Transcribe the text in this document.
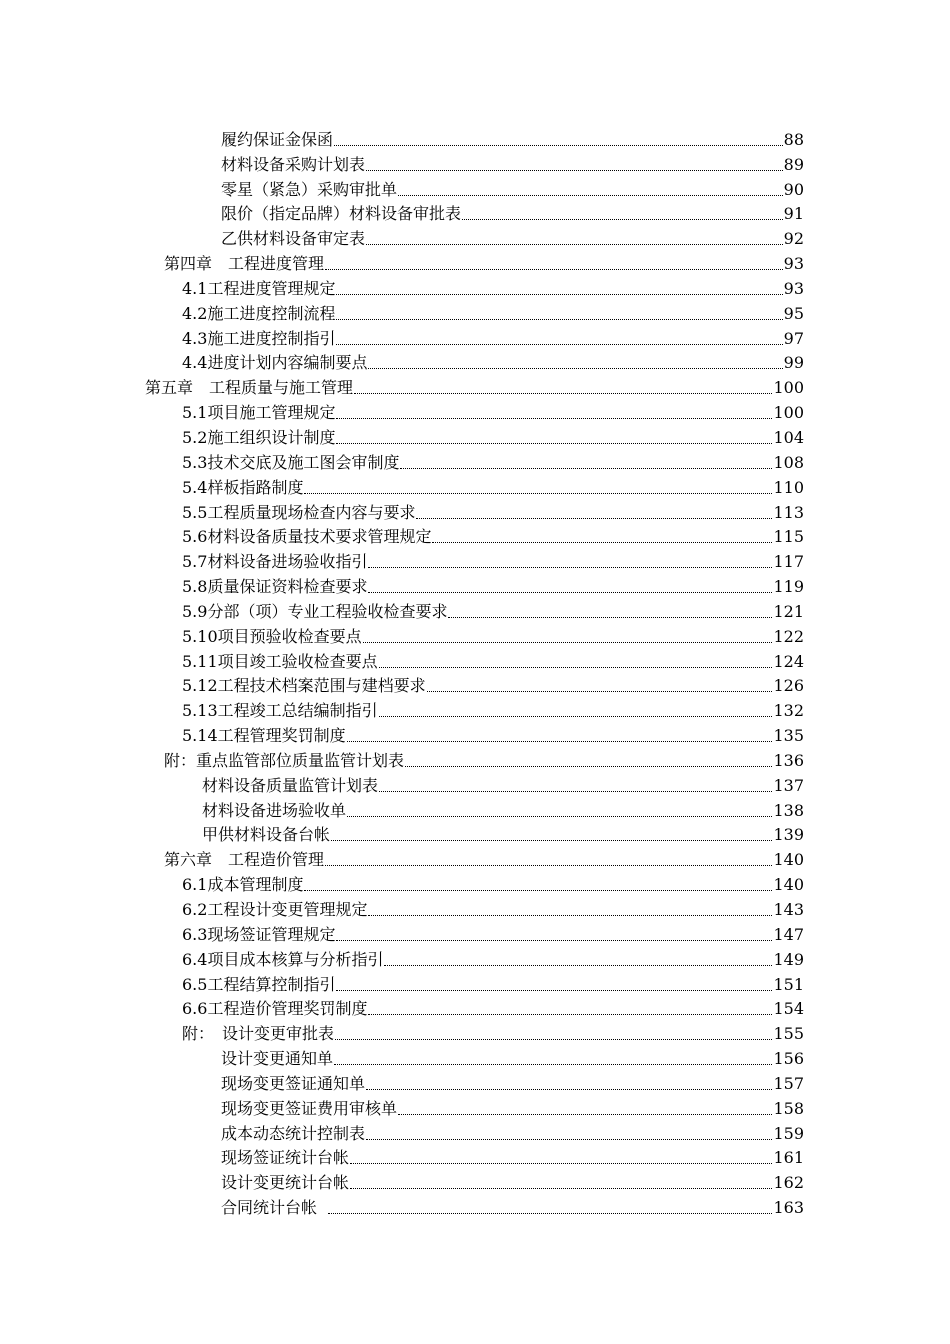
履约保证金保函	88
材料设备采购计划表	89
零星（紧急）采购审批单	90
限价（指定品牌）材料设备审批表	91
乙供材料设备审定表	92
第四章　工程进度管理	93
4.1工程进度管理规定	93
4.2施工进度控制流程	95
4.3施工进度控制指引	97
4.4进度计划内容编制要点	99
第五章　工程质量与施工管理	100
5.1项目施工管理规定	100
5.2施工组织设计制度	104
5.3技术交底及施工图会审制度	108
5.4样板指路制度	110
5.5工程质量现场检查内容与要求	113
5.6材料设备质量技术要求管理规定	115
5.7材料设备进场验收指引	117
5.8质量保证资料检查要求	119
5.9分部（项）专业工程验收检查要求	121
5.10项目预验收检查要点	122
5.11项目竣工验收检查要点	124
5.12工程技术档案范围与建档要求	126
5.13工程竣工总结编制指引	132
5.14工程管理奖罚制度	135
附：重点监管部位质量监管计划表	136
材料设备质量监管计划表	137
材料设备进场验收单	138
甲供材料设备台帐	139
第六章　工程造价管理	140
6.1成本管理制度	140
6.2工程设计变更管理规定	143
6.3现场签证管理规定	147
6.4项目成本核算与分析指引	149
6.5工程结算控制指引	151
6.6工程造价管理奖罚制度	154
附：　设计变更审批表	155
设计变更通知单	156
现场变更签证通知单	157
现场变更签证费用审核单	158
成本动态统计控制表	159
现场签证统计台帐	161
设计变更统计台帐	162
合同统计台帐	163
